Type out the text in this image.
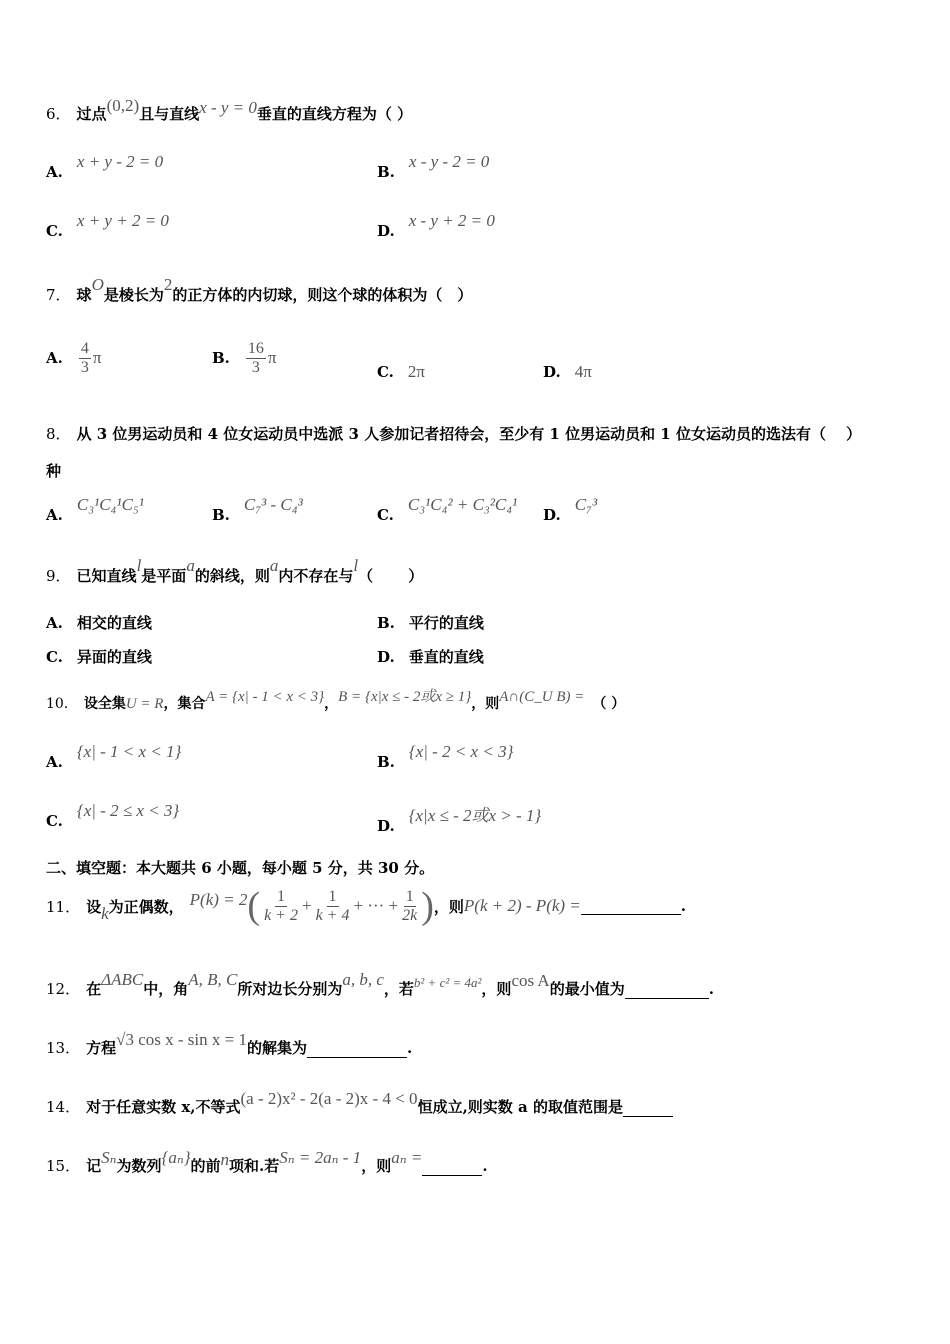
6． 过点(0,2)且与直线x - y = 0垂直的直线方程为（ ）
A.x + y - 2 = 0
B.x - y - 2 = 0
C.x + y + 2 = 0
D.x - y + 2 = 0
7． 球O是棱长为2的正方体的内切球，则这个球的体积为（　）
A. $\frac{4}{3}$ π	B. $\frac{16}{3}$ π
C. 2π	D. 4π
8． 从 3 位男运动员和 4 位女运动员中选派 3 人参加记者招待会，至少有 1 位男运动员和 1 位女运动员的选法有（　 ）
种
A.C₃¹C₄¹C₅¹
B.C₇³ - C₄³
C.C₃¹C₄² + C₃²C₄¹
D.C₇³
9． 已知直线l是平面a的斜线，则a内不存在与l（　　 ）
A. 相交的直线	B. 平行的直线
C. 异面的直线	D. 垂直的直线
10． 设全集U = R，集合A = {x| - 1 < x < 3}，B = {x|x ≤ - 2或x ≥ 1}，则A∩(C_U B) = （ ）
A.{x| - 1 < x < 1}
B.{x| - 2 < x < 3}
C.{x| - 2 ≤ x < 3}
D.{x|x ≤ - 2或x > - 1}
二、填空题：本大题共 6 小题，每小题 5 分，共 30 分。
11． 设 k 为正偶数， P(k) = 2 ( $\frac{1}{k + 2} + \frac{1}{k + 4}$ + ··· + $\frac{1}{2k}$ ) ，则 P(k + 2) - P(k) =	.
12． 在ΔABC中，角A, B, C所对边长分别为a, b, c，若b² + c² = 4a²，则cos A的最小值为	.
13． 方程√3 cos x - sin x = 1的解集为	.
14． 对于任意实数 x,不等式(a - 2)x² - 2(a - 2)x - 4 < 0恒成立,则实数 a 的取值范围是
15． 记Sₙ为数列{aₙ}的前n项和.若Sₙ = 2aₙ - 1，则aₙ =	.
